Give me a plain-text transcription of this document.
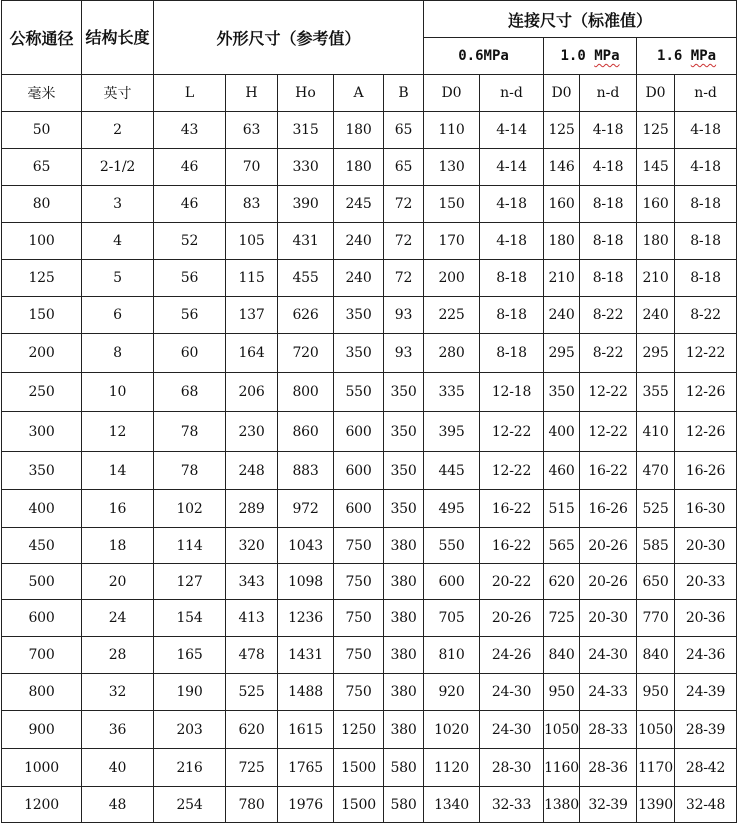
公称通径	结构长度	外形尺寸（参考值）					连接尺寸（标准值）					
							0.6MPa		1.0 MPa		1.6 MPa	
毫米	英寸	L	H	Ho	A	B	D0	n-d	D0	n-d	D0	n-d
50	2	43	63	315	180	65	110	4-14	125	4-18	125	4-18
65	2-1/2	46	70	330	180	65	130	4-14	146	4-18	145	4-18
80	3	46	83	390	245	72	150	4-18	160	8-18	160	8-18
100	4	52	105	431	240	72	170	4-18	180	8-18	180	8-18
125	5	56	115	455	240	72	200	8-18	210	8-18	210	8-18
150	6	56	137	626	350	93	225	8-18	240	8-22	240	8-22
200	8	60	164	720	350	93	280	8-18	295	8-22	295	12-22
250	10	68	206	800	550	350	335	12-18	350	12-22	355	12-26
300	12	78	230	860	600	350	395	12-22	400	12-22	410	12-26
350	14	78	248	883	600	350	445	12-22	460	16-22	470	16-26
400	16	102	289	972	600	350	495	16-22	515	16-26	525	16-30
450	18	114	320	1043	750	380	550	16-22	565	20-26	585	20-30
500	20	127	343	1098	750	380	600	20-22	620	20-26	650	20-33
600	24	154	413	1236	750	380	705	20-26	725	20-30	770	20-36
700	28	165	478	1431	750	380	810	24-26	840	24-30	840	24-36
800	32	190	525	1488	750	380	920	24-30	950	24-33	950	24-39
900	36	203	620	1615	1250	380	1020	24-30	1050	28-33	1050	28-39
1000	40	216	725	1765	1500	580	1120	28-30	1160	28-36	1170	28-42
1200	48	254	780	1976	1500	580	1340	32-33	1380	32-39	1390	32-48
